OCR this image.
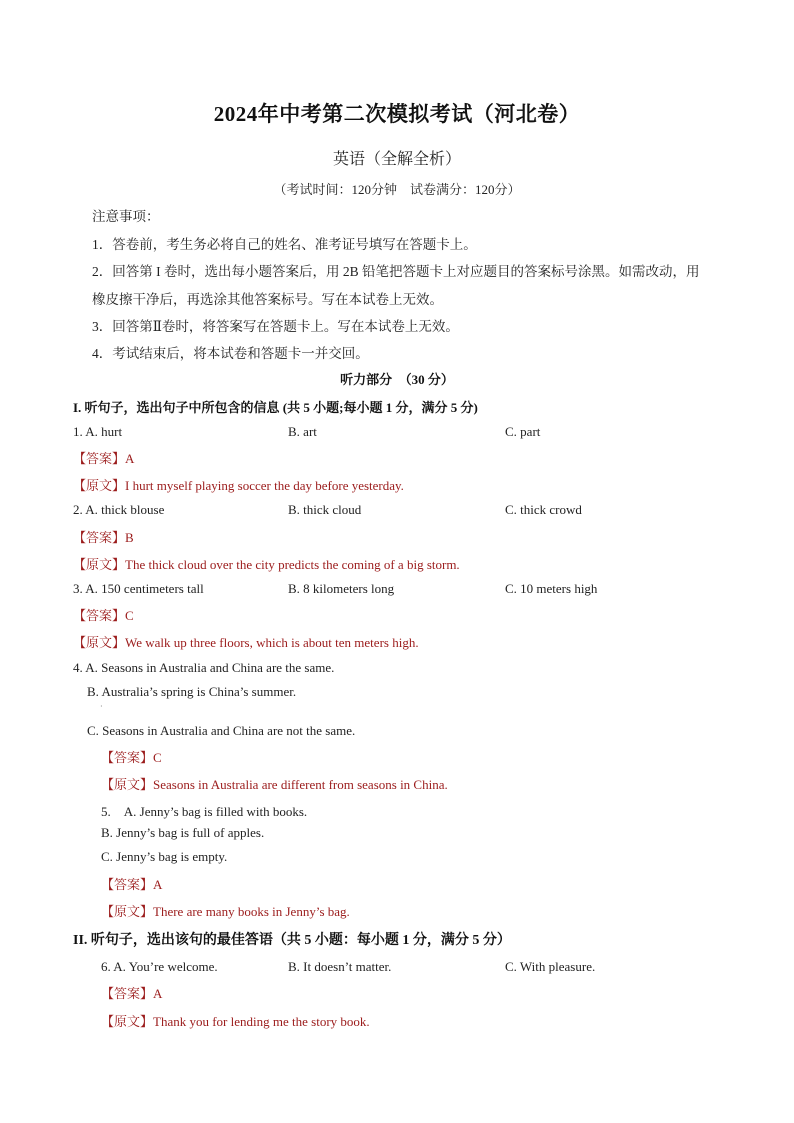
2024年中考第二次模拟考试（河北卷）
英语（全解全析）
（考试时间：120分钟　试卷满分：120分）
注意事项：
1．答卷前，考生务必将自己的姓名、准考证号填写在答题卡上。
2．回答第 I 卷时，选出每小题答案后，用 2B 铅笔把答题卡上对应题目的答案标号涂黑。如需改动，用
橡皮擦干净后，再选涂其他答案标号。写在本试卷上无效。
3．回答第Ⅱ卷时，将答案写在答题卡上。写在本试卷上无效。
4．考试结束后，将本试卷和答题卡一并交回。
听力部分　（30 分）
I. 听句子，选出句子中所包含的信息 (共 5 小题;每小题 1 分，满分 5 分)
1. A. hurt	B. art	C. part
【答案】A
【原文】I hurt myself playing soccer the day before yesterday.
2. A. thick blouse	B. thick cloud	C. thick crowd
【答案】B
【原文】The thick cloud over the city predicts the coming of a big storm.
3. A. 150 centimeters tall	B. 8 kilometers long	C. 10 meters high
【答案】C
【原文】We walk up three floors, which is about ten meters high.
4. A. Seasons in Australia and China are the same.
B. Australia’s spring is China’s summer.
·
C. Seasons in Australia and China are not the same.
【答案】C
【原文】Seasons in Australia are different from seasons in China.
5.　A. Jenny’s bag is filled with books.
B. Jenny’s bag is full of apples.
C. Jenny’s bag is empty.
【答案】A
【原文】There are many books in Jenny’s bag.
II. 听句子，选出该句的最佳答语（共 5 小题：每小题 1 分，满分 5 分）
6. A. You’re welcome.	B. It doesn’t matter.	C. With pleasure.
【答案】A
【原文】Thank you for lending me the story book.
